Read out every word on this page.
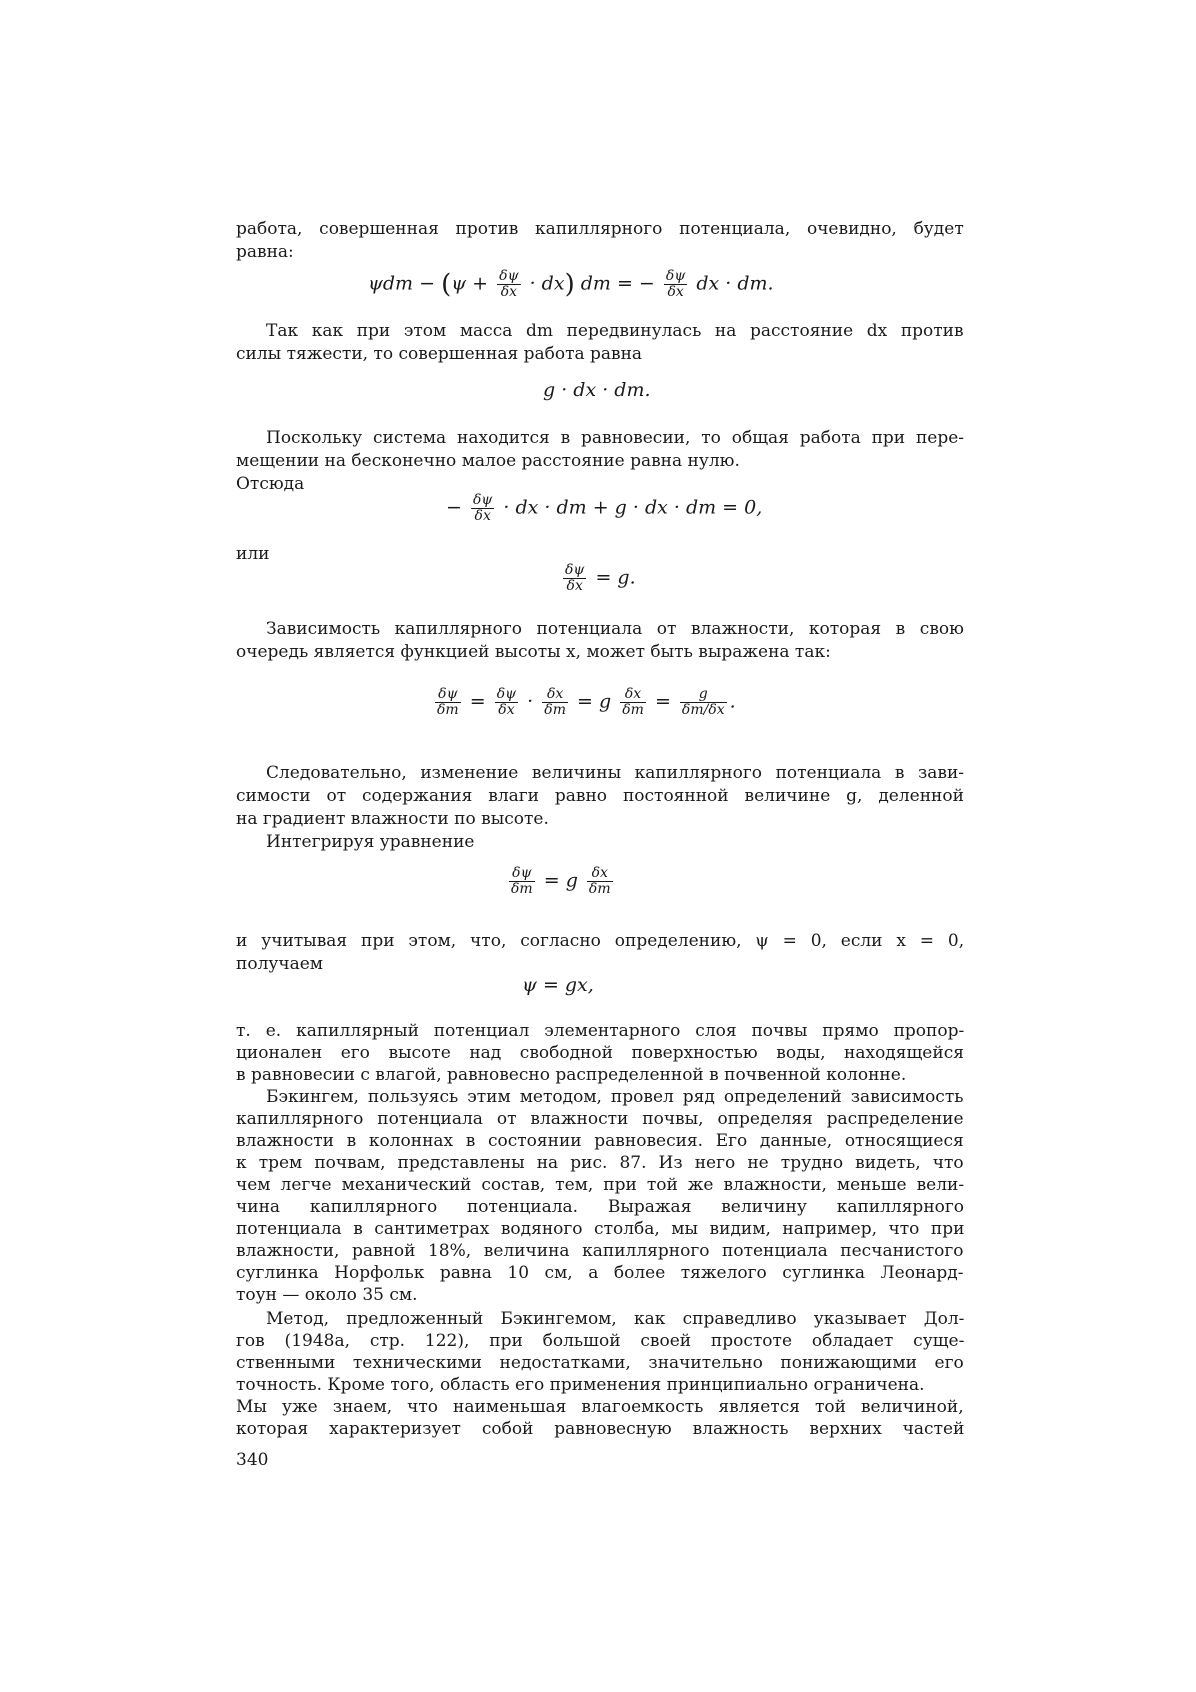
работа, совершенная против капиллярного потенциала, очевидно, будет
равна:
$\psi dm - (\psi + \frac{\delta\psi}{\delta x} \cdot dx)$ dm = − $\frac{\delta\psi}{\delta x}$ dx · dm.
Так как при этом масса dm передвинулась на расстояние dx против
силы тяжести, то совершенная работа равна
g · dx · dm.
Поскольку система находится в равновесии, то общая работа при пере-
мещении на бесконечно малое расстояние равна нулю.
Отсюда
− $\frac{\delta\psi}{\delta x}$ · dx · dm + g · dx · dm = 0,
или
$\frac{\delta\psi}{\delta x} = g$.
Зависимость капиллярного потенциала от влажности, которая в свою
очередь является функцией высоты x, может быть выражена так:
$\frac{\delta\psi}{\delta m} = \frac{\delta\psi}{\delta x} \cdot \frac{\delta x}{\delta m} = g \frac{\delta x}{\delta m} = \frac{g}{\delta m/\delta x}$ .
Следовательно, изменение величины капиллярного потенциала в зави-
симости от содержания влаги равно постоянной величине g, деленной
на градиент влажности по высоте.
Интегрируя уравнение
$\frac{\delta\psi}{\delta m} = g \frac{\delta x}{\delta m}$
и учитывая при этом, что, согласно определению, ψ = 0, если x = 0,
получаем
ψ = gx,
т. е. капиллярный потенциал элементарного слоя почвы прямо пропор-
ционален его высоте над свободной поверхностью воды, находящейся
в равновесии с влагой, равновесно распределенной в почвенной колонне.
Бэкингем, пользуясь этим методом, провел ряд определений зависимость
капиллярного потенциала от влажности почвы, определяя распределение
влажности в колоннах в состоянии равновесия. Его данные, относящиеся
к трем почвам, представлены на рис. 87. Из него не трудно видеть, что
чем легче механический состав, тем, при той же влажности, меньше вели-
чина капиллярного потенциала. Выражая величину капиллярного
потенциала в сантиметрах водяного столба, мы видим, например, что при
влажности, равной 18%, величина капиллярного потенциала песчанистого
суглинка Норфольк равна 10 см, а более тяжелого суглинка Леонард-
тоун — около 35 см.
Метод, предложенный Бэкингемом, как справедливо указывает Дол-
гов (1948а, стр. 122), при большой своей простоте обладает суще-
ственными техническими недостатками, значительно понижающими его
точность. Кроме того, область его применения принципиально ограничена.
Мы уже знаем, что наименьшая влагоемкость является той величиной,
которая характеризует собой равновесную влажность верхних частей
340
